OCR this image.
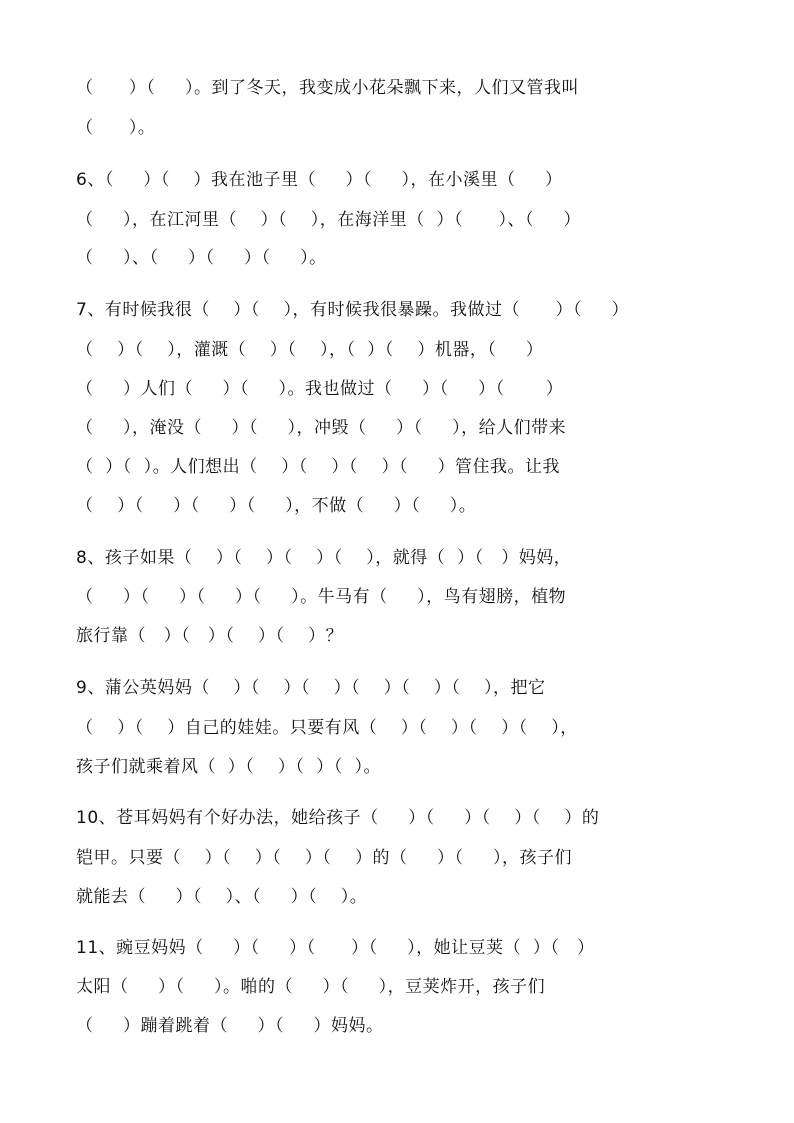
（      ）（     ）。到了冬天，我变成小花朵飘下来，人们又管我叫
（      ）。
6、（     ）（    ）我在池子里（     ）（     ），在小溪里（     ）
（     ），在江河里（    ）（    ），在海洋里（  ）（      ）、（     ）
（     ）、（     ）（     ）（     ）。
7、有时候我很（    ）（    ），有时候我很暴躁。我做过（      ）（     ）
（    ）（    ），灌溉（    ）（    ），（  ）（    ）机器，（     ）
（     ）人们（     ）（     ）。我也做过（     ）（     ）（       ）
（     ），淹没（     ）（     ），冲毁（     ）（     ），给人们带来
（  ）（  ）。人们想出（    ）（    ）（    ）（     ）管住我。让我
（    ）（     ）（     ）（     ），不做（     ）（     ）。
8、孩子如果（    ）（    ）（    ）（    ），就得（  ）（   ）妈妈，
（     ）（     ）（     ）（     ）。牛马有（     ），鸟有翅膀，植物
旅行靠（   ）（   ）（    ）（    ）？
9、蒲公英妈妈（    ）（    ）（    ）（    ）（    ）（    ），把它
（    ）（    ）自己的娃娃。只要有风（    ）（    ）（    ）（    ），
孩子们就乘着风（  ）（    ）（  ）（  ）。
10、苍耳妈妈有个好办法，她给孩子（     ）（     ）（    ）（    ）的
铠甲。只要（    ）（    ）（    ）（    ）的（     ）（     ），孩子们
就能去（     ）（    ）、（     ）（    ）。
11、豌豆妈妈（     ）（     ）（      ）（     ），她让豆荚（  ）（   ）
太阳（     ）（     ）。啪的（     ）（     ），豆荚炸开，孩子们
（     ）蹦着跳着（     ）（     ）妈妈。
